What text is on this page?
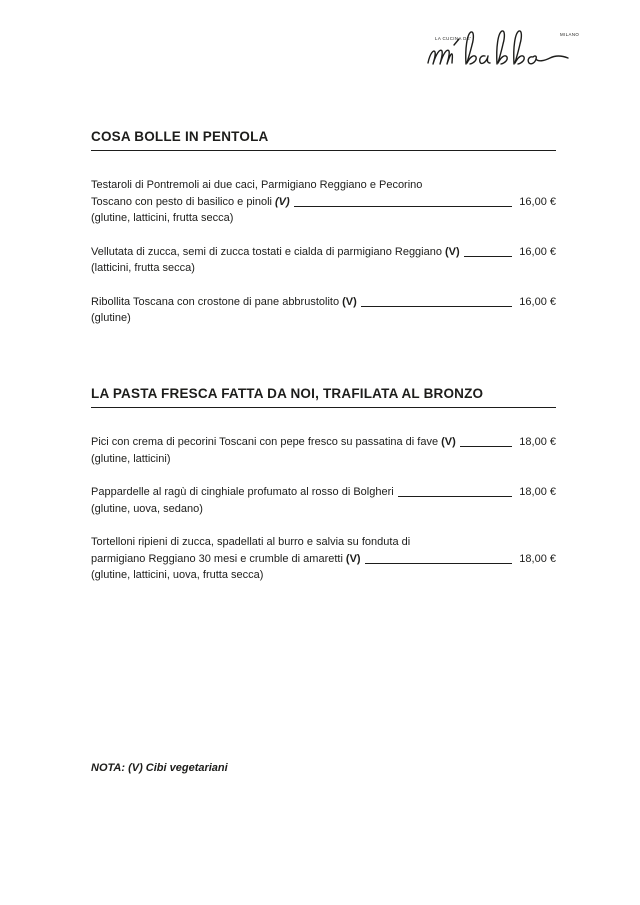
LA CUCINA DE'
MILANO
COSA BOLLE IN PENTOLA
Testaroli di Pontremoli ai due caci, Parmigiano Reggiano e Pecorino
Toscano con pesto di basilico e pinoli (V)	16,00 €
(glutine, latticini, frutta secca)
Vellutata di zucca, semi di zucca tostati e cialda di parmigiano Reggiano (V)	16,00 €
(latticini, frutta secca)
Ribollita Toscana con crostone di pane abbrustolito (V)	16,00 €
(glutine)
LA PASTA FRESCA FATTA DA NOI, TRAFILATA AL BRONZO
Pici con crema di pecorini Toscani con pepe fresco su passatina di fave (V)	18,00 €
(glutine, latticini)
Pappardelle al ragù di cinghiale profumato al rosso di Bolgheri	18,00 €
(glutine, uova, sedano)
Tortelloni ripieni di zucca, spadellati al burro e salvia su fonduta di
parmigiano Reggiano 30 mesi e crumble di amaretti (V)	18,00 €
(glutine, latticini, uova, frutta secca)

NOTA: (V) Cibi vegetariani
